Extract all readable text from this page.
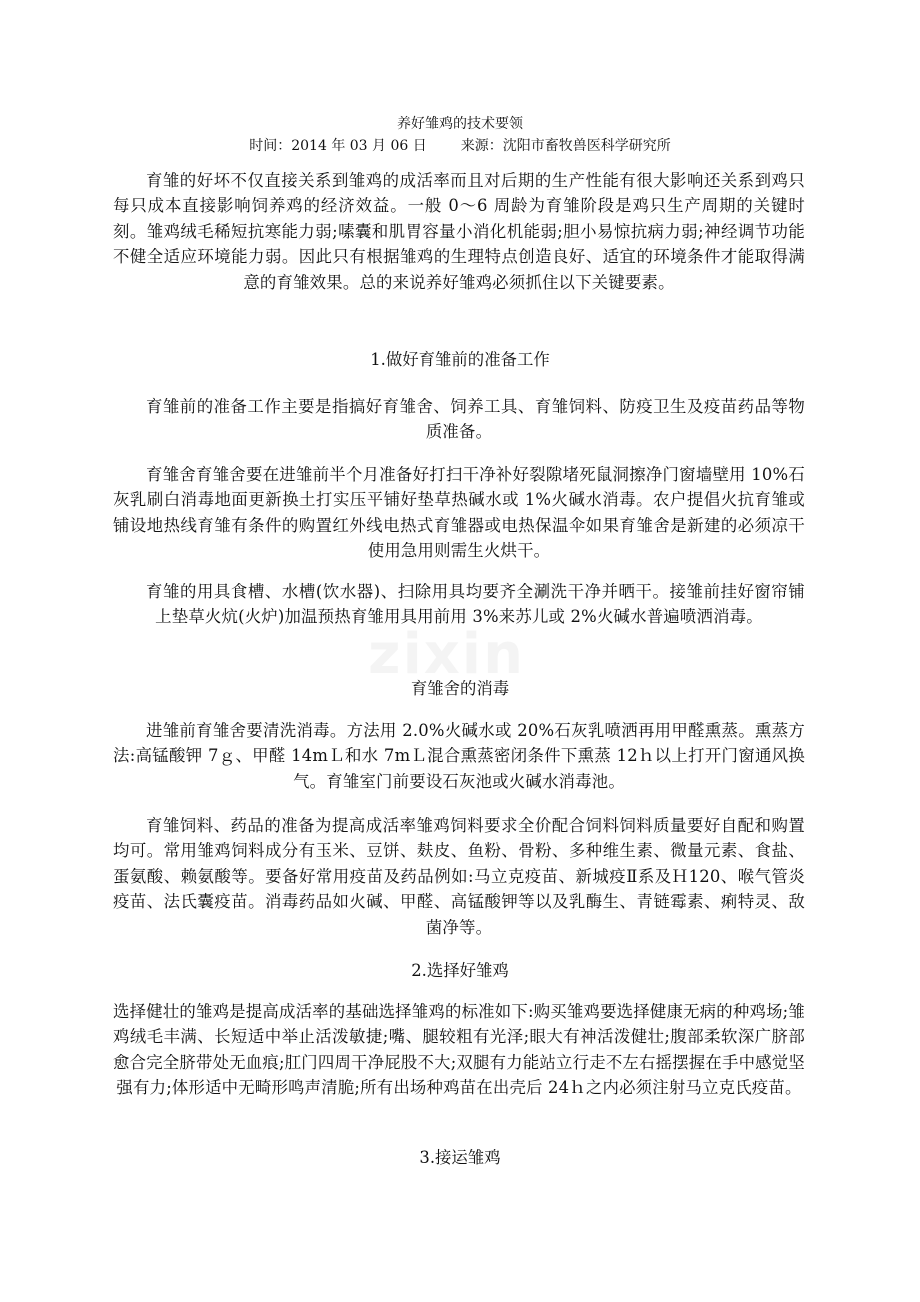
养好雏鸡的技术要领
时间：2014 年 03 月 06 日 来源：沈阳市畜牧兽医科学研究所

育雏的好坏不仅直接关系到雏鸡的成活率而且对后期的生产性能有很大影响还关系到鸡只每只成本直接影响饲养鸡的经济效益。一般 0～6 周龄为育雏阶段是鸡只生产周期的关键时刻。雏鸡绒毛稀短抗寒能力弱;嗉囊和肌胃容量小消化机能弱;胆小易惊抗病力弱;神经调节功能不健全适应环境能力弱。因此只有根据雏鸡的生理特点创造良好、适宜的环境条件才能取得满意的育雏效果。总的来说养好雏鸡必须抓住以下关键要素。

1.做好育雏前的准备工作

育雏前的准备工作主要是指搞好育雏舍、饲养工具、育雏饲料、防疫卫生及疫苗药品等物质准备。

育雏舍育雏舍要在进雏前半个月准备好打扫干净补好裂隙堵死鼠洞擦净门窗墙壁用 10%石灰乳刷白消毒地面更新换土打实压平铺好垫草热碱水或 1%火碱水消毒。农户提倡火抗育雏或铺设地热线育雏有条件的购置红外线电热式育雏器或电热保温伞如果育雏舍是新建的必须凉干使用急用则需生火烘干。

育雏的用具食槽、水槽(饮水器)、扫除用具均要齐全涮洗干净并晒干。接雏前挂好窗帘铺上垫草火炕(火炉)加温预热育雏用具用前用 3%来苏儿或 2%火碱水普遍喷洒消毒。

育雏舍的消毒

进雏前育雏舍要清洗消毒。方法用 2.0%火碱水或 20%石灰乳喷洒再用甲醛熏蒸。熏蒸方法:高锰酸钾 7ｇ、甲醛 14mＬ和水 7mＬ混合熏蒸密闭条件下熏蒸 12ｈ以上打开门窗通风换气。育雏室门前要设石灰池或火碱水消毒池。

育雏饲料、药品的准备为提高成活率雏鸡饲料要求全价配合饲料饲料质量要好自配和购置均可。常用雏鸡饲料成分有玉米、豆饼、麸皮、鱼粉、骨粉、多种维生素、微量元素、食盐、蛋氨酸、赖氨酸等。要备好常用疫苗及药品例如:马立克疫苗、新城疫Ⅱ系及Ｈ120、喉气管炎疫苗、法氏囊疫苗。消毒药品如火碱、甲醛、高锰酸钾等以及乳酶生、青链霉素、痢特灵、敌菌净等。

2.选择好雏鸡

选择健壮的雏鸡是提高成活率的基础选择雏鸡的标准如下:购买雏鸡要选择健康无病的种鸡场;雏鸡绒毛丰满、长短适中举止活泼敏捷;嘴、腿较粗有光泽;眼大有神活泼健壮;腹部柔软深广脐部愈合完全脐带处无血痕;肛门四周干净屁股不大;双腿有力能站立行走不左右摇摆握在手中感觉坚强有力;体形适中无畸形鸣声清脆;所有出场种鸡苗在出壳后 24ｈ之内必须注射马立克氏疫苗。

3.接运雏鸡
